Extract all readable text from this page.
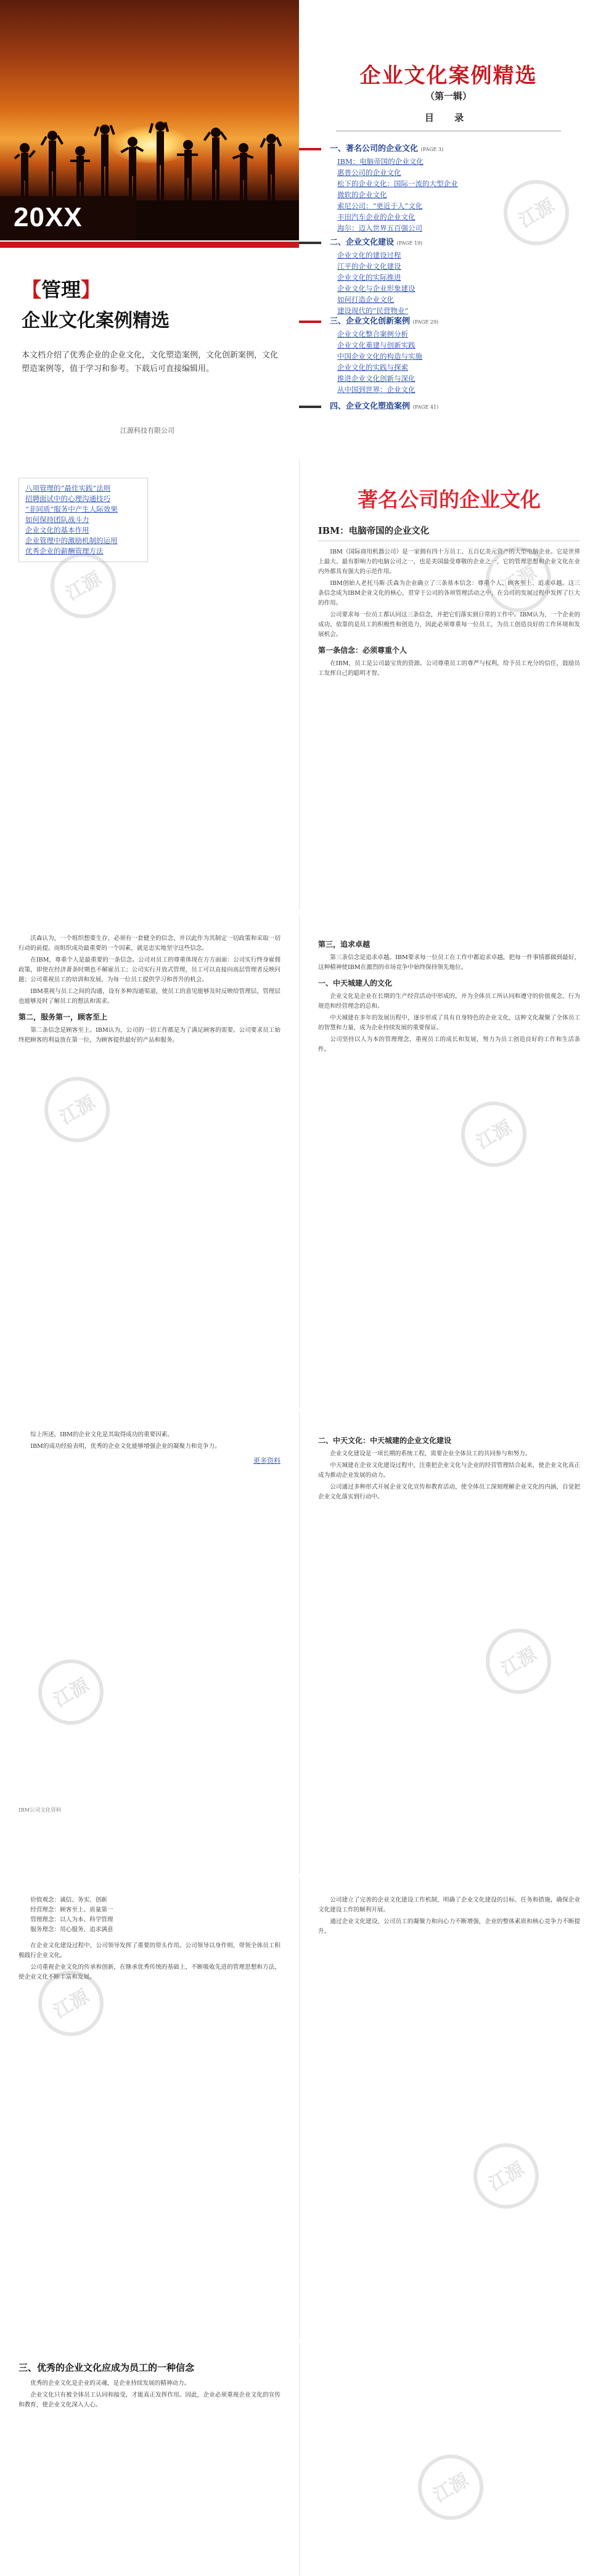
20XX
【管理】
企业文化案例精选
本文档介绍了优秀企业的企业文化，文化塑造案例，文化创新案例，文化塑造案例等，值于学习和参考。下载后可直接编辑用。
江源科技有限公司
企业文化案例精选
（第一辑）
目 录
一、著名公司的企业文化 (PAGE 3)
IBM：电脑帝国的企业文化
惠普公司的企业文化
松下的企业文化：国际一流的大型企业
微软的企业文化
索尼公司：“更近于人”文化
丰田汽车企业的企业文化
海尔：迈入世界五百强公司
二、企业文化建设 (PAGE 19)
企业文化的建设过程
江平的企业文化建设
企业文化的实际推进
企业文化与企业形象建设
如何打造企业文化
建设现代的“民营物业”
三、企业文化创新案例 (PAGE 29)
企业文化整合案例分析
企业文化重建与创新实践
中国企业文化的构造与实施
企业文化的实践与探索
推进企业文化创新与深化
从中国到世界：企业文化
四、企业文化塑造案例 (PAGE 41)
江源
八项管理的“最佳实践”法则
招聘面试中的心理沟通技巧
“非同质”服务中产生人际效果
如何保持团队战斗力
企业文化的基本作用
企业管理中的激励机制的运用
优秀企业的薪酬管理方法
江源
著名公司的企业文化
IBM：电脑帝国的企业文化

IBM（国际商用机器公司）是一家拥有四十万员工、五百亿美元资产的大型电脑企业。它是世界上最大、最有影响力的电脑公司之一，也是美国最受尊敬的企业之一，它的管理思想和企业文化在业内外都具有强大的示范作用。

IBM创始人老托马斯·沃森为企业确立了三条基本信念：尊重个人、顾客至上、追求卓越。这三条信念成为IBM企业文化的核心，贯穿于公司的各项管理活动之中，在公司的发展过程中发挥了巨大的作用。

公司要求每一位员工都认同这三条信念，并把它们落实到日常的工作中。IBM认为，一个企业的成功，依靠的是员工的积极性和创造力，因此必须尊重每一位员工，为员工创造良好的工作环境和发展机会。

第一条信念：必须尊重个人

在IBM，员工是公司最宝贵的资源。公司尊重员工的尊严与权利，给予员工充分的信任，鼓励员工发挥自己的聪明才智。

江源

沃森认为，一个组织想要生存，必须有一套健全的信念，并以此作为其制定一切政策和采取一切行动的前提。而组织成功最重要的一个因素，就是忠实地坚守这些信念。

在IBM，尊重个人是最重要的一条信念。公司对员工的尊重体现在方方面面：公司实行终身雇佣政策，即使在经济萧条时期也不解雇员工；公司实行开放式管理，员工可以直接向高层管理者反映问题；公司重视员工的培训和发展，为每一位员工提供学习和晋升的机会。

IBM重视与员工之间的沟通，设有多种沟通渠道，使员工的意见能够及时反映给管理层，管理层也能够及时了解员工的想法和需求。

第二，服务第一，顾客至上

第二条信念是顾客至上。IBM认为，公司的一切工作都是为了满足顾客的需要。公司要求员工始终把顾客的利益放在第一位，为顾客提供最好的产品和服务。

江源
第三，追求卓越

第三条信念是追求卓越。IBM要求每一位员工在工作中都追求卓越，把每一件事情都做到最好，这种精神使IBM在激烈的市场竞争中始终保持领先地位。

一、中天城建人的文化

企业文化是企业在长期的生产经营活动中形成的，并为全体员工所认同和遵守的价值观念、行为规范和经营理念的总和。

中天城建在多年的发展历程中，逐步形成了具有自身特色的企业文化，这种文化凝聚了全体员工的智慧和力量，成为企业持续发展的重要保证。

公司坚持以人为本的管理理念，重视员工的成长和发展，努力为员工创造良好的工作和生活条件。

江源

综上所述，IBM的企业文化是其取得成功的重要因素。

IBM的成功经验表明，优秀的企业文化能够增强企业的凝聚力和竞争力。

更多资料
IBM公司文化资料
江源
二、中天文化：中天城建的企业文化建设

企业文化建设是一项长期的系统工程，需要企业全体员工的共同参与和努力。

中天城建在企业文化建设过程中，注重把企业文化与企业的经营管理结合起来，使企业文化真正成为推动企业发展的动力。

公司通过多种形式开展企业文化宣传和教育活动，使全体员工深刻理解企业文化的内涵，自觉把企业文化落实到行动中。

江源
价值观念：诚信、务实、创新
经营理念：顾客至上、质量第一
管理理念：以人为本、科学管理
服务理念：用心服务、追求满意

在企业文化建设过程中，公司领导发挥了重要的带头作用。公司领导以身作则，带领全体员工积极践行企业文化。

公司重视企业文化的传承和创新，在继承优秀传统的基础上，不断吸收先进的管理思想和方法，使企业文化不断丰富和发展。

江源

公司建立了完善的企业文化建设工作机制，明确了企业文化建设的目标、任务和措施，确保企业文化建设工作的顺利开展。

通过企业文化建设，公司员工的凝聚力和向心力不断增强，企业的整体素质和核心竞争力不断提升。

江源
三、优秀的企业文化应成为员工的一种信念

优秀的企业文化是企业的灵魂，是企业持续发展的精神动力。

企业文化只有被全体员工认同和接受，才能真正发挥作用。因此，企业必须重视企业文化的宣传和教育，使企业文化深入人心。

江源
